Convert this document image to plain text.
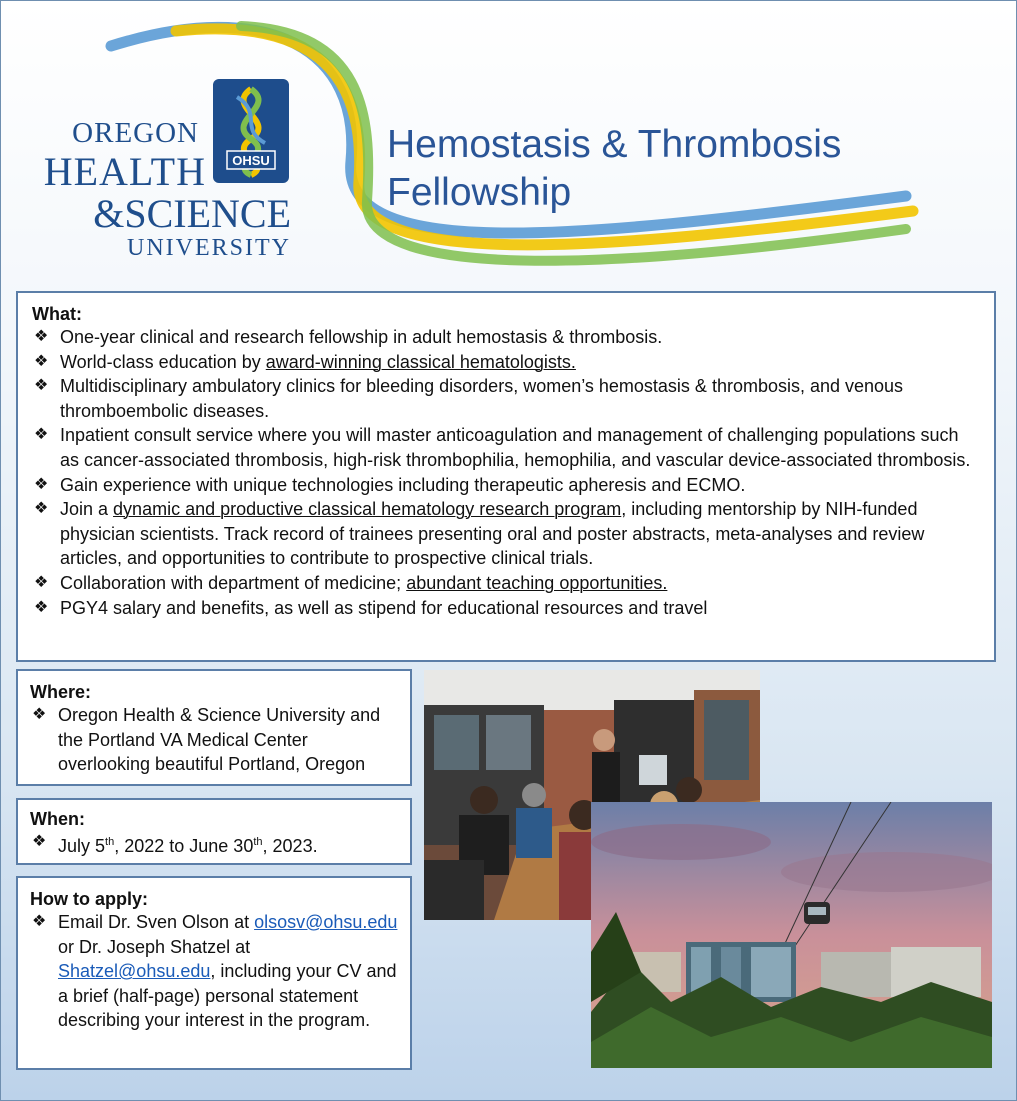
OHSU
OREGON
HEALTH
&SCIENCE
UNIVERSITY
Hemostasis & Thrombosis
Fellowship
What:
❖ One-year clinical and research fellowship in adult hemostasis & thrombosis.
❖ World-class education by award-winning classical hematologists.
❖ Multidisciplinary ambulatory clinics for bleeding disorders, women’s hemostasis & thrombosis, and venous thromboembolic diseases.
❖ Inpatient consult service where you will master anticoagulation and management of challenging populations such as cancer-associated thrombosis, high-risk thrombophilia, hemophilia, and vascular device-associated thrombosis.
❖ Gain experience with unique technologies including therapeutic apheresis and ECMO.
❖ Join a dynamic and productive classical hematology research program, including mentorship by NIH-funded physician scientists. Track record of trainees presenting oral and poster abstracts, meta-analyses and review articles, and opportunities to contribute to prospective clinical trials.
❖ Collaboration with department of medicine; abundant teaching opportunities.
❖ PGY4 salary and benefits, as well as stipend for educational resources and travel
Where:
❖ Oregon Health & Science University and the Portland VA Medical Center overlooking beautiful Portland, Oregon
When:
❖ July 5th, 2022 to June 30th, 2023.
How to apply:
❖ Email Dr. Sven Olson at olsosv@ohsu.edu or Dr. Joseph Shatzel at Shatzel@ohsu.edu, including your CV and a brief (half-page) personal statement describing your interest in the program.
